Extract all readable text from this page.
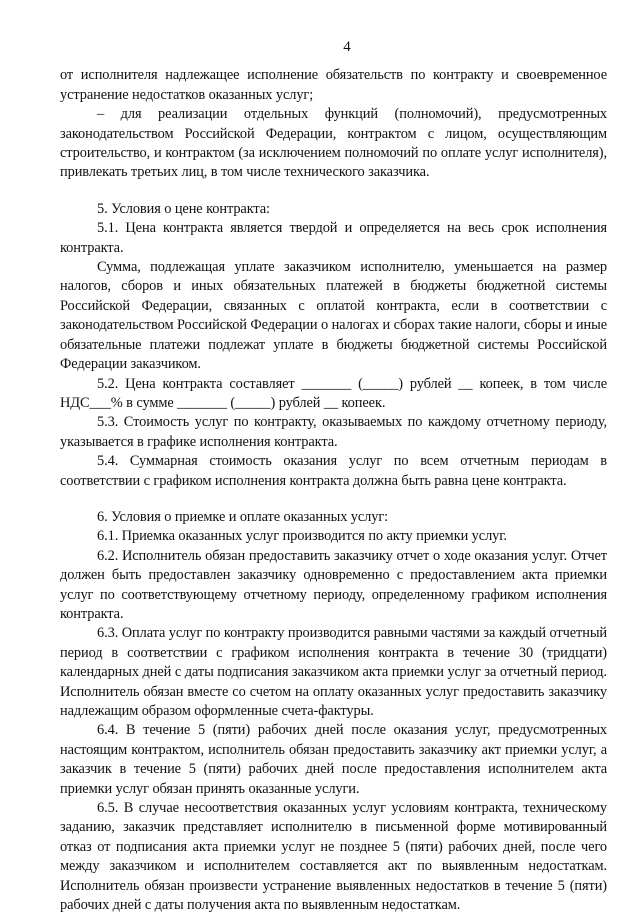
4

от исполнителя надлежащее исполнение обязательств по контракту и своевременное устранение недостатков оказанных услуг;

– для реализации отдельных функций (полномочий), предусмотренных законодательством Российской Федерации, контрактом с лицом, осуществляющим строительство, и контрактом (за исключением полномочий по оплате услуг исполнителя), привлекать третьих лиц, в том числе технического заказчика.

5. Условия о цене контракта:

5.1. Цена контракта является твердой и определяется на весь срок исполнения контракта.

Сумма, подлежащая уплате заказчиком исполнителю, уменьшается на размер налогов, сборов и иных обязательных платежей в бюджеты бюджетной системы Российской Федерации, связанных с оплатой контракта, если в соответствии с законодательством Российской Федерации о налогах и сборах такие налоги, сборы и иные обязательные платежи подлежат уплате в бюджеты бюджетной системы Российской Федерации заказчиком.

5.2. Цена контракта составляет _______ (_____) рублей __ копеек, в том числе НДС___% в сумме _______ (_____) рублей __ копеек.

5.3. Стоимость услуг по контракту, оказываемых по каждому отчетному периоду, указывается в графике исполнения контракта.

5.4. Суммарная стоимость оказания услуг по всем отчетным периодам в соответствии с графиком исполнения контракта должна быть равна цене контракта.

6. Условия о приемке и оплате оказанных услуг:

6.1. Приемка оказанных услуг производится по акту приемки услуг.

6.2. Исполнитель обязан предоставить заказчику отчет о ходе оказания услуг. Отчет должен быть предоставлен заказчику одновременно с предоставлением акта приемки услуг по соответствующему отчетному периоду, определенному графиком исполнения контракта.

6.3. Оплата услуг по контракту производится равными частями за каждый отчетный период в соответствии с графиком исполнения контракта в течение 30 (тридцати) календарных дней с даты подписания заказчиком акта приемки услуг за отчетный период. Исполнитель обязан вместе со счетом на оплату оказанных услуг предоставить заказчику надлежащим образом оформленные счета-фактуры.

6.4. В течение 5 (пяти) рабочих дней после оказания услуг, предусмотренных настоящим контрактом, исполнитель обязан предоставить заказчику акт приемки услуг, а заказчик в течение 5 (пяти) рабочих дней после предоставления исполнителем акта приемки услуг обязан принять оказанные услуги.

6.5. В случае несоответствия оказанных услуг условиям контракта, техническому заданию, заказчик представляет исполнителю в письменной форме мотивированный отказ от подписания акта приемки услуг не позднее 5 (пяти) рабочих дней, после чего между заказчиком и исполнителем составляется акт по выявленным недостаткам. Исполнитель обязан произвести устранение выявленных недостатков в течение 5 (пяти) рабочих дней с даты получения акта по выявленным недостаткам.
